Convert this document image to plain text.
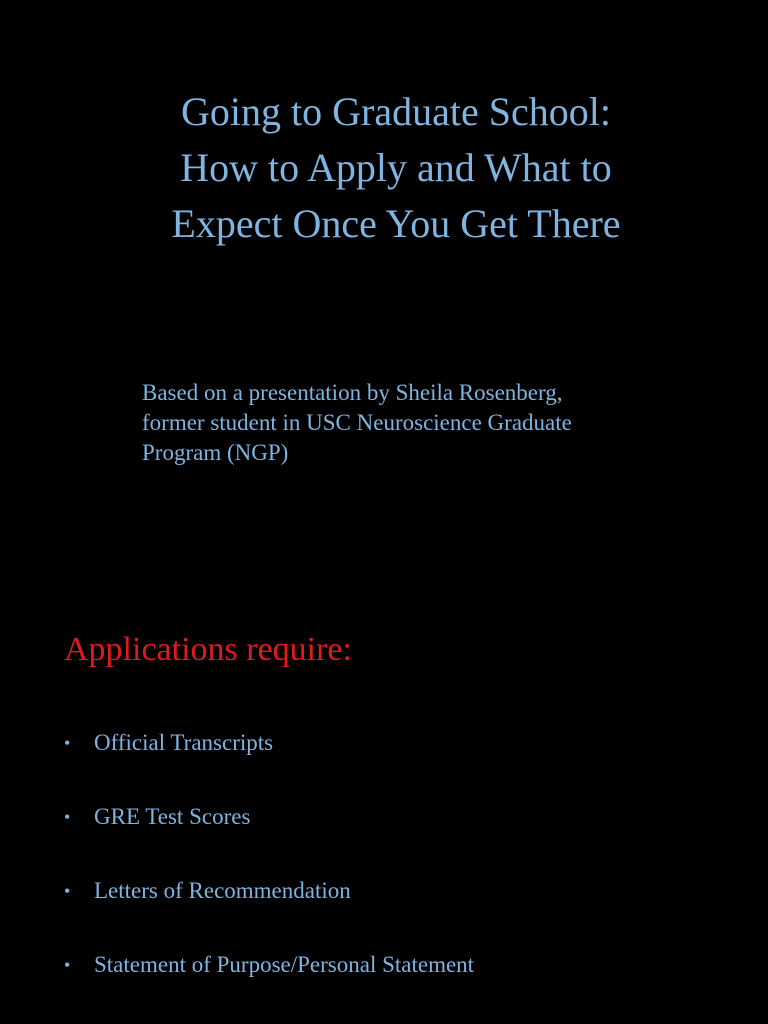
Going to Graduate School:
How to Apply and What to
Expect Once You Get There
Based on a presentation by Sheila Rosenberg,
former student in USC Neuroscience Graduate
Program (NGP)
Applications require:
• Official Transcripts
• GRE Test Scores
• Letters of Recommendation
• Statement of Purpose/Personal Statement
